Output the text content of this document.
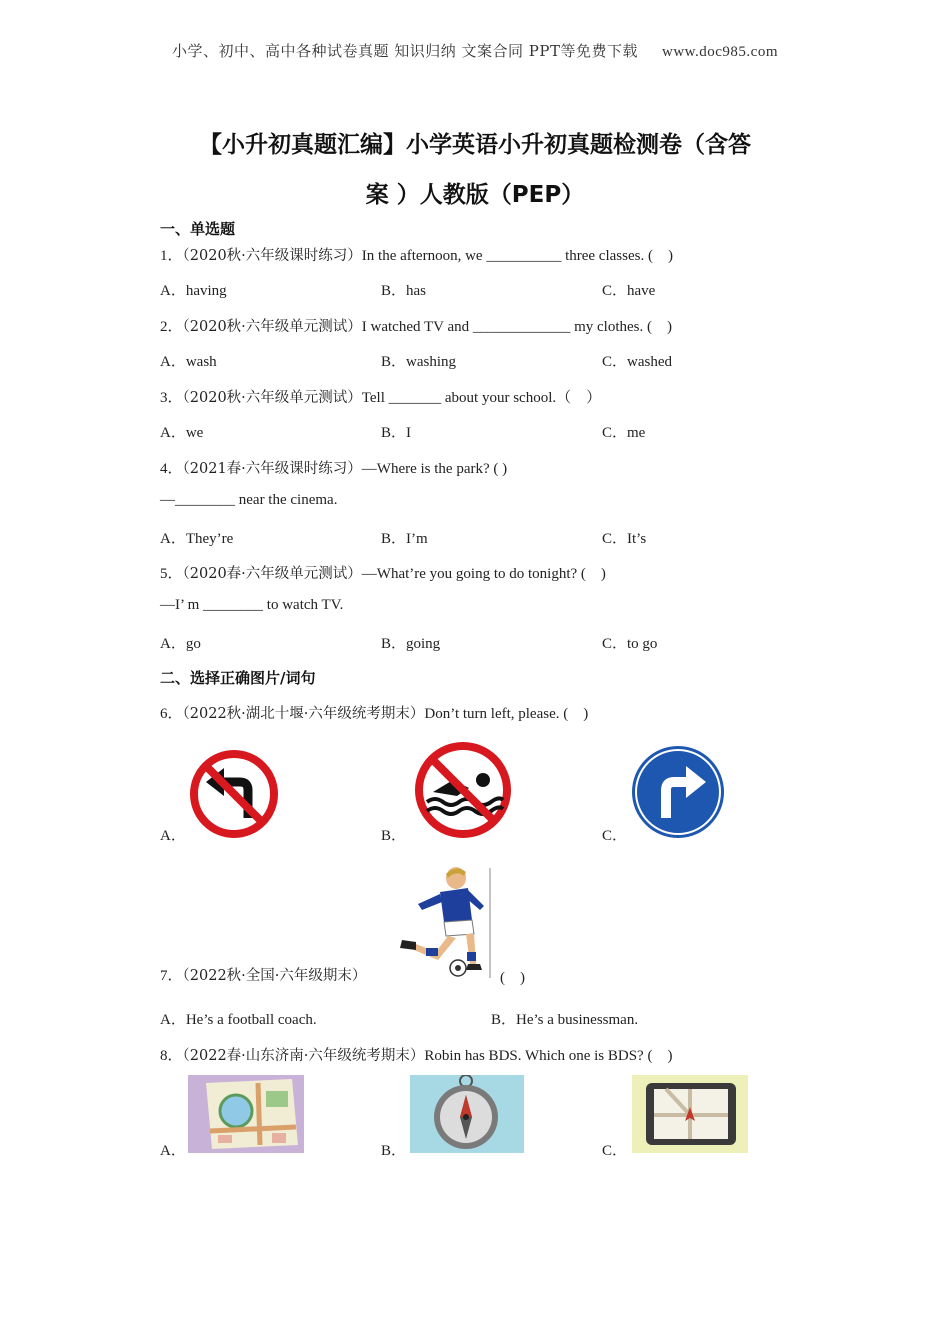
小学、初中、高中各种试卷真题 知识归纳 文案合同 PPT等免费下载 www.doc985.com
【小升初真题汇编】小学英语小升初真题检测卷（含答
案 ）人教版（PEP）
一、单选题
1．（2020秋·六年级课时练习）In the afternoon, we __________ three classes. (　)
A．having	B．has	C．have
2．（2020秋·六年级单元测试）I watched TV and _____________ my clothes. (　)
A．wash	B．washing	C．washed
3．（2020秋·六年级单元测试）Tell _______ about your school.（　）
A．we	B．I	C．me
4．（2021春·六年级课时练习）—Where is the park? ( )
—________ near the cinema.
A．They’re	B．I’m	C．It’s
5．（2020春·六年级单元测试）—What’re you going to do tonight? (　)
—I’ m ________ to watch TV.
A．go	B．going	C．to go
二、选择正确图片/词句
6．（2022秋·湖北十堰·六年级统考期末）Don’t turn left, please. (　)
A．	B．	C．
7．（2022秋·全国·六年级期末）	(　)
A．He’s a football coach.	B．He’s a businessman.
8．（2022春·山东济南·六年级统考期末）Robin has BDS. Which one is BDS? (　)
A．	B．	C．
